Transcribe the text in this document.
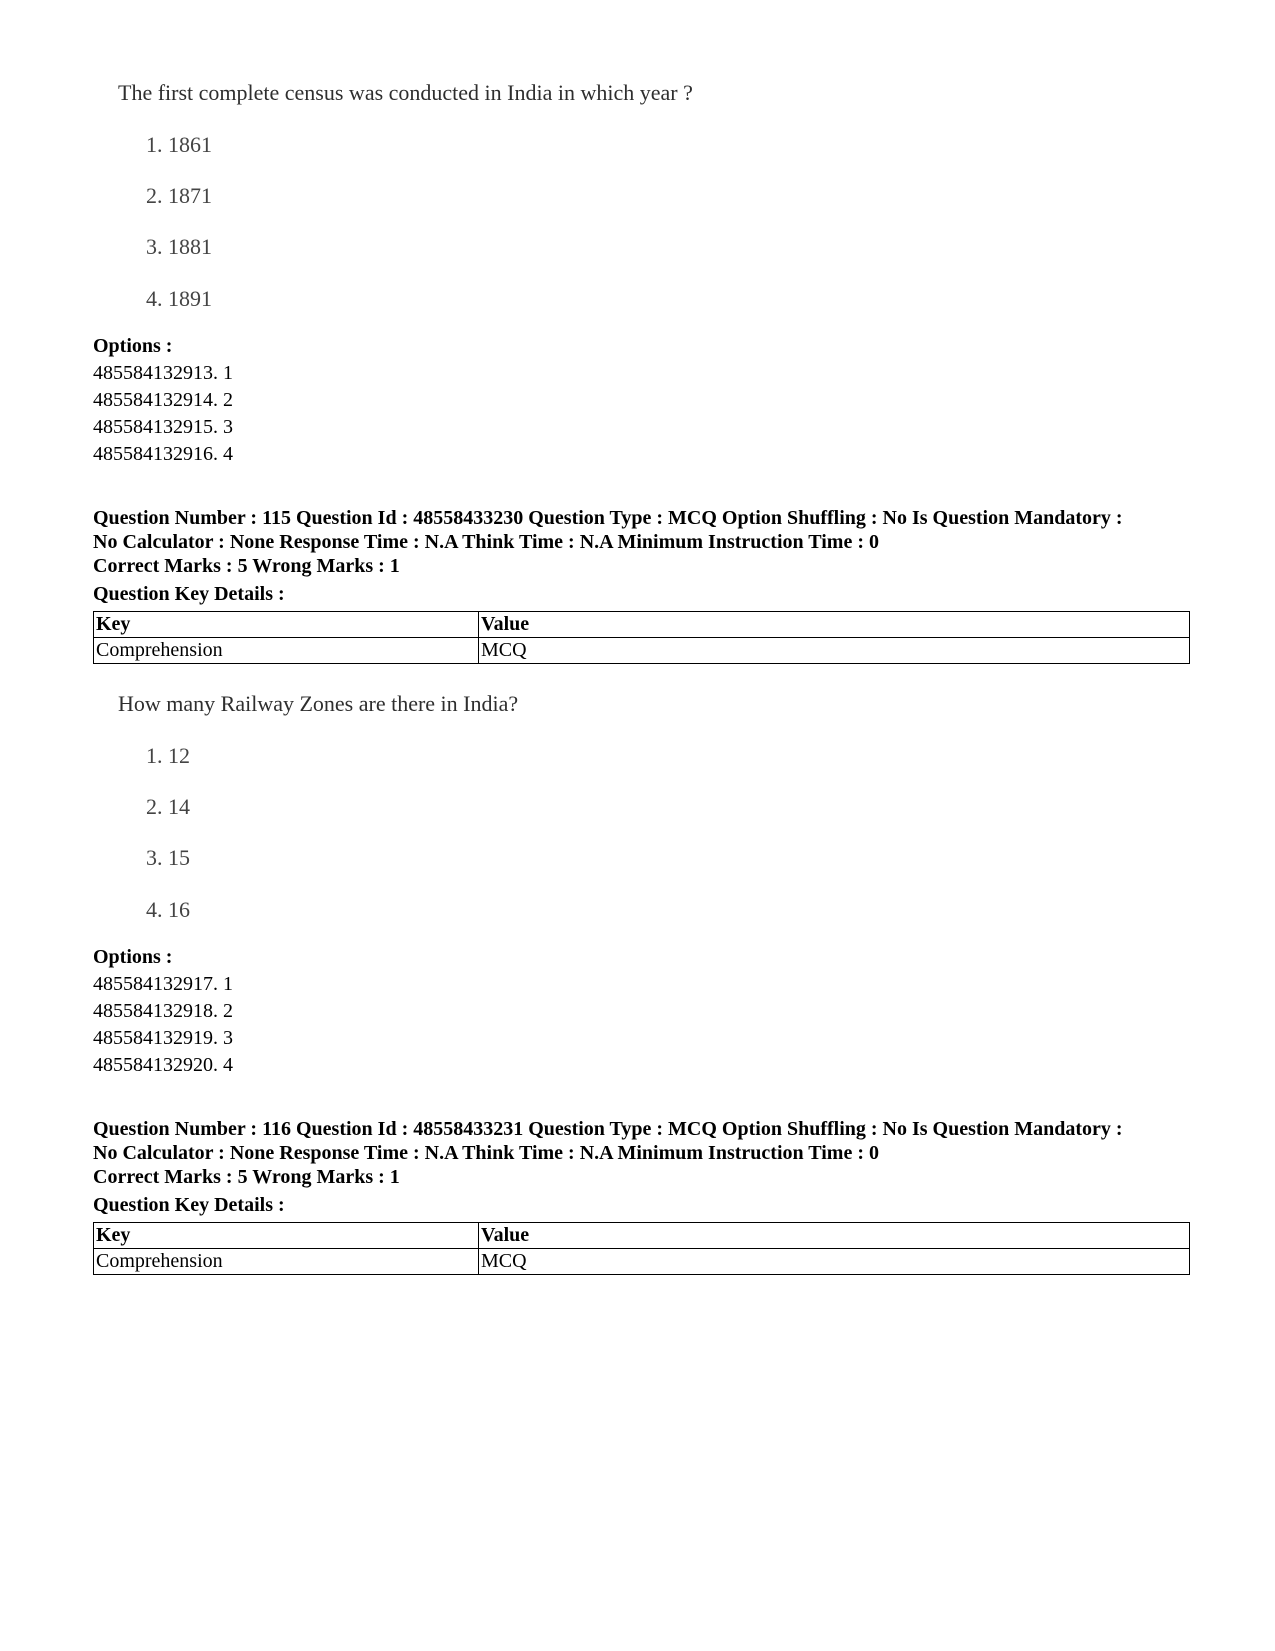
The first complete census was conducted in India in which year ?
1. 1861
2. 1871
3. 1881
4. 1891
Options :
485584132913. 1
485584132914. 2
485584132915. 3
485584132916. 4
Question Number : 115 Question Id : 48558433230 Question Type : MCQ Option Shuffling : No Is Question Mandatory :
No Calculator : None Response Time : N.A Think Time : N.A Minimum Instruction Time : 0
Correct Marks : 5 Wrong Marks : 1
Question Key Details :
Key	Value
Comprehension	MCQ
How many Railway Zones are there in India?
1. 12
2. 14
3. 15
4. 16
Options :
485584132917. 1
485584132918. 2
485584132919. 3
485584132920. 4
Question Number : 116 Question Id : 48558433231 Question Type : MCQ Option Shuffling : No Is Question Mandatory :
No Calculator : None Response Time : N.A Think Time : N.A Minimum Instruction Time : 0
Correct Marks : 5 Wrong Marks : 1
Question Key Details :
Key	Value
Comprehension	MCQ
